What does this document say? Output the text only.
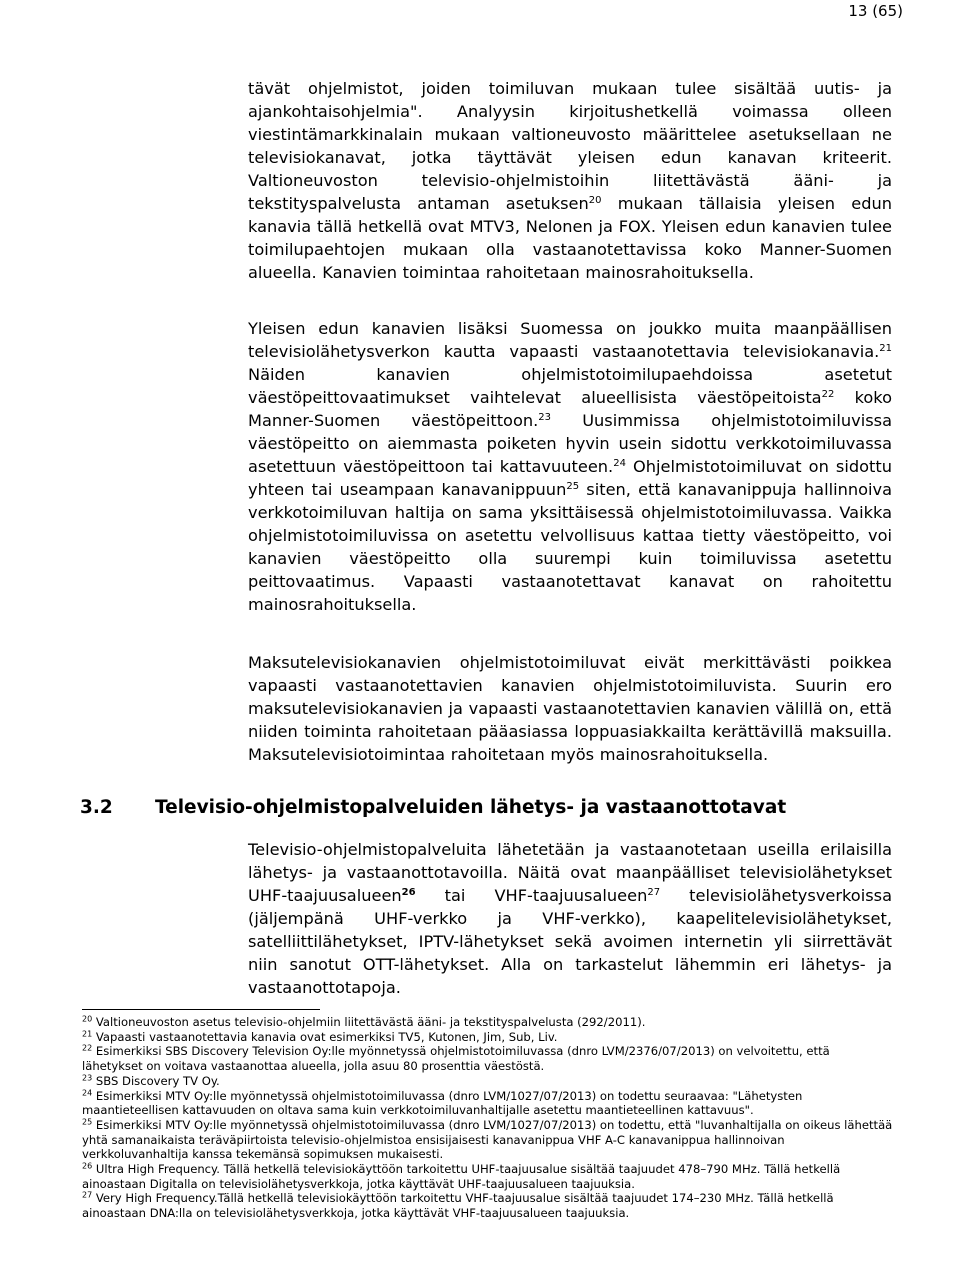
13 (65)

tävät ohjelmistot, joiden toimiluvan mukaan tulee sisältää uutis- ja ajankohtaisohjelmia". Analyysin kirjoitushetkellä voimassa olleen viestintämarkkinalain mukaan valtioneuvosto määrittelee asetuksellaan ne televisiokanavat, jotka täyttävät yleisen edun kanavan kriteerit. Valtioneuvoston televisio-ohjelmistoihin liitettävästä ääni- ja tekstityspalvelusta antaman asetuksen$^{20}$ mukaan tällaisia yleisen edun kanavia tällä hetkellä ovat MTV3, Nelonen ja FOX. Yleisen edun kanavien tulee toimilupaehtojen mukaan olla vastaanotettavissa koko Manner-Suomen alueella. Kanavien toimintaa rahoitetaan mainosrahoituksella.

Yleisen edun kanavien lisäksi Suomessa on joukko muita maanpäällisen televisiolähetysverkon kautta vapaasti vastaanotettavia televisiokanavia.$^{21}$ Näiden kanavien ohjelmistotoimilupaehdoissa asetetut väestöpeittovaatimukset vaihtelevat alueellisista väestöpeitoista$^{22}$ koko Manner-Suomen väestöpeittoon.$^{23}$ Uusimmissa ohjelmistotoimiluvissa väestöpeitto on aiemmasta poiketen hyvin usein sidottu verkkotoimiluvassa asetettuun väestöpeittoon tai kattavuuteen.$^{24}$ Ohjelmistotoimiluvat on sidottu yhteen tai useampaan kanavanippuun$^{25}$ siten, että kanavanippuja hallinnoiva verkkotoimiluvan haltija on sama yksittäisessä ohjelmistotoimiluvassa. Vaikka ohjelmistotoimiluvissa on asetettu velvollisuus kattaa tietty väestöpeitto, voi kanavien väestöpeitto olla suurempi kuin toimiluvissa asetettu peittovaatimus. Vapaasti vastaanotettavat kanavat on rahoitettu mainosrahoituksella.

Maksutelevisiokanavien ohjelmistotoimiluvat eivät merkittävästi poikkea vapaasti vastaanotettavien kanavien ohjelmistotoimiluvista. Suurin ero maksutelevisiokanavien ja vapaasti vastaanotettavien kanavien välillä on, että niiden toiminta rahoitetaan pääasiassa loppuasiakkailta kerättävillä maksuilla. Maksutelevisiotoimintaa rahoitetaan myös mainosrahoituksella.

3.2 Televisio-ohjelmistopalveluiden lähetys- ja vastaanottotavat

Televisio-ohjelmistopalveluita lähetetään ja vastaanotetaan useilla erilaisilla lähetys- ja vastaanottotavoilla. Näitä ovat maanpäälliset televisiolähetykset UHF-taajuusalueen$^{26}$ tai VHF-taajuusalueen$^{27}$ televisiolähetysverkoissa (jäljempänä UHF-verkko ja VHF-verkko), kaapelitelevisiolähetykset, satelliittilähetykset, IPTV-lähetykset sekä avoimen internetin yli siirrettävät niin sanotut OTT-lähetykset. Alla on tarkastelut lähemmin eri lähetys- ja vastaanottotapoja.

$^{20}$ Valtioneuvoston asetus televisio-ohjelmiin liitettävästä ääni- ja tekstityspalvelusta (292/2011).

$^{21}$ Vapaasti vastaanotettavia kanavia ovat esimerkiksi TV5, Kutonen, Jim, Sub, Liv.

$^{22}$ Esimerkiksi SBS Discovery Television Oy:lle myönnetyssä ohjelmistotoimiluvassa (dnro LVM/2376/07/2013) on velvoitettu, että lähetykset on voitava vastaanottaa alueella, jolla asuu 80 prosenttia väestöstä.

$^{23}$ SBS Discovery TV Oy.

$^{24}$ Esimerkiksi MTV Oy:lle myönnetyssä ohjelmistotoimiluvassa (dnro LVM/1027/07/2013) on todettu seuraavaa: "Lähetysten maantieteellisen kattavuuden on oltava sama kuin verkkotoimiluvanhaltijalle asetettu maantieteellinen kattavuus".

$^{25}$ Esimerkiksi MTV Oy:lle myönnetyssä ohjelmistotoimiluvassa (dnro LVM/1027/07/2013) on todettu, että "luvanhaltijalla on oikeus lähettää yhtä samanaikaista teräväpiirtoista televisio-ohjelmistoa ensisijaisesti kanavanippua VHF A-C kanavanippua hallinnoivan verkkoluvanhaltija kanssa tekemänsä sopimuksen mukaisesti.

$^{26}$ Ultra High Frequency. Tällä hetkellä televisiokäyttöön tarkoitettu UHF-taajuusalue sisältää taajuudet 478–790 MHz. Tällä hetkellä ainoastaan Digitalla on televisiolähetysverkkoja, jotka käyttävät UHF-taajuusalueen taajuuksia.

$^{27}$ Very High Frequency.Tällä hetkellä televisiokäyttöön tarkoitettu VHF-taajuusalue sisältää taajuudet 174–230 MHz. Tällä hetkellä ainoastaan DNA:lla on televisiolähetysverkkoja, jotka käyttävät VHF-taajuusalueen taajuuksia.
